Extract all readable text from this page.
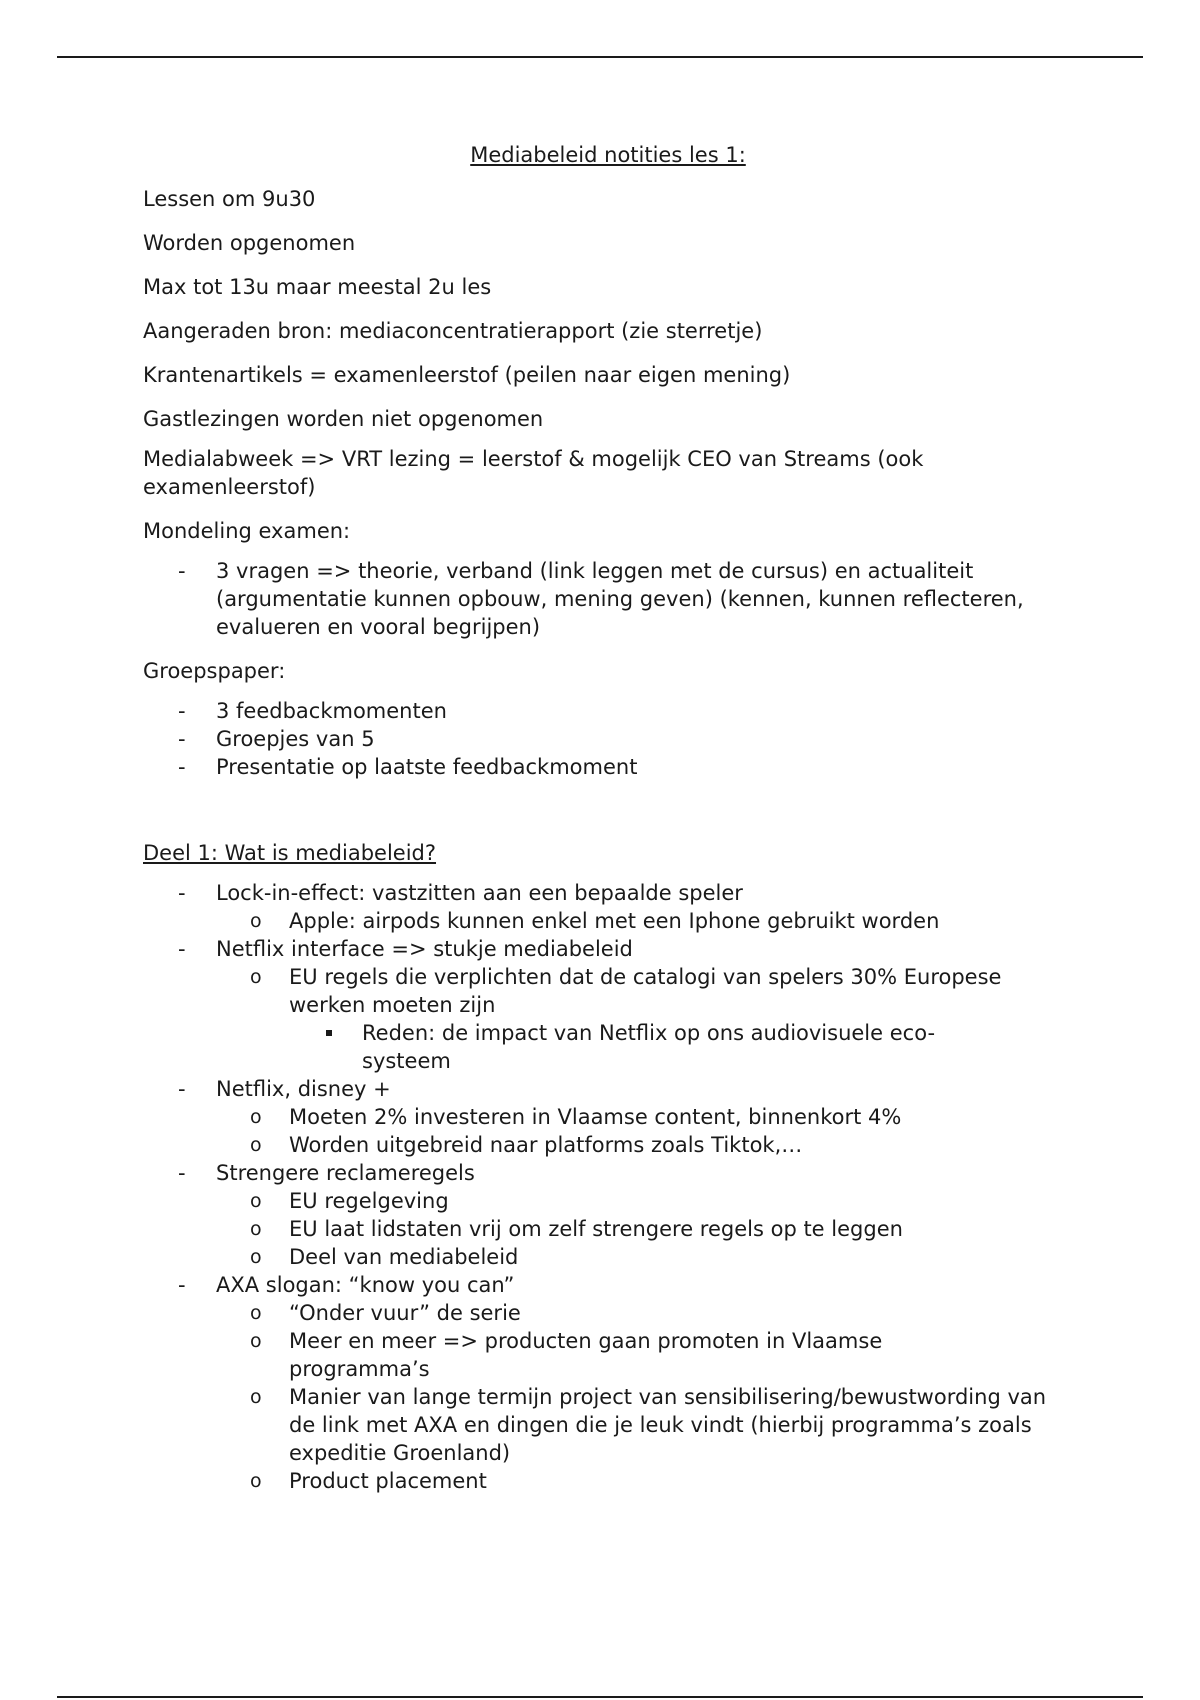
Mediabeleid notities les 1:

Lessen om 9u30

Worden opgenomen

Max tot 13u maar meestal 2u les

Aangeraden bron: mediaconcentratierapport (zie sterretje)

Krantenartikels = examenleerstof (peilen naar eigen mening)

Gastlezingen worden niet opgenomen

Medialabweek => VRT lezing = leerstof & mogelijk CEO van Streams (ook examenleerstof)

Mondeling examen:

- 3 vragen => theorie, verband (link leggen met de cursus) en actualiteit (argumentatie kunnen opbouw, mening geven) (kennen, kunnen reflecteren, evalueren en vooral begrijpen)

Groepspaper:

- 3 feedbackmomenten
- Groepjes van 5
- Presentatie op laatste feedbackmoment

Deel 1: Wat is mediabeleid?

- Lock-in-effect: vastzitten aan een bepaalde speler
o Apple: airpods kunnen enkel met een Iphone gebruikt worden
- Netflix interface => stukje mediabeleid
o EU regels die verplichten dat de catalogi van spelers 30% Europese werken moeten zijn
Reden: de impact van Netflix op ons audiovisuele eco-systeem
- Netflix, disney +
o Moeten 2% investeren in Vlaamse content, binnenkort 4%
o Worden uitgebreid naar platforms zoals Tiktok,…
- Strengere reclameregels
o EU regelgeving
o EU laat lidstaten vrij om zelf strengere regels op te leggen
o Deel van mediabeleid
- AXA slogan: “know you can”
o “Onder vuur” de serie
o Meer en meer => producten gaan promoten in Vlaamse programma’s
o Manier van lange termijn project van sensibilisering/bewustwording van de link met AXA en dingen die je leuk vindt (hierbij programma’s zoals expeditie Groenland)
o Product placement
